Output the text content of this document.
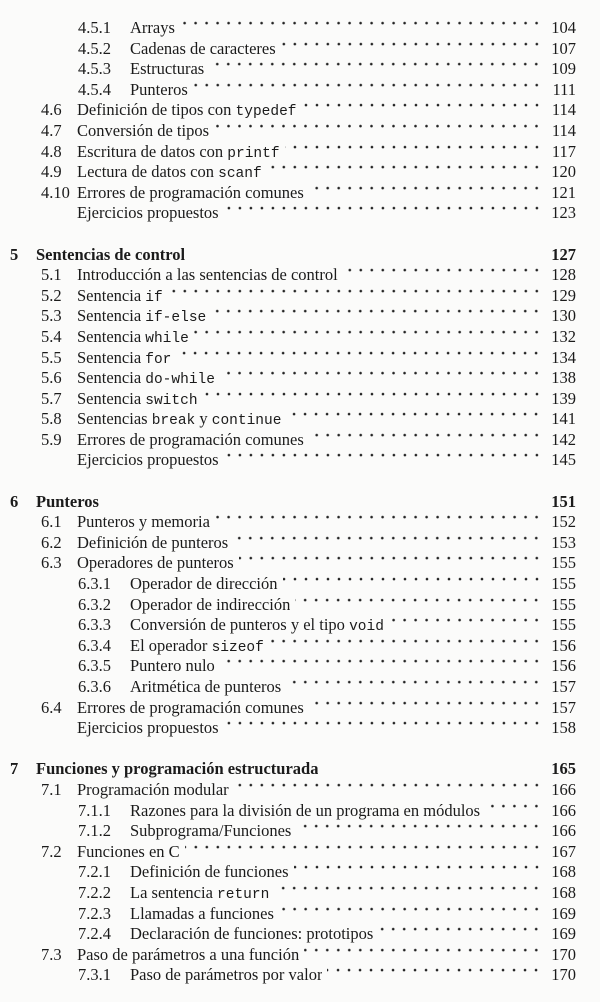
4.5.1	Arrays	104
4.5.2	Cadenas de caracteres	107
4.5.3	Estructuras	109
4.5.4	Punteros	111
4.6 Definición de tipos con typedef	114
4.7 Conversión de tipos	114
4.8 Escritura de datos con printf	117
4.9 Lectura de datos con scanf	120
4.10 Errores de programación comunes	121
Ejercicios propuestos	123
5	Sentencias de control	127
5.1 Introducción a las sentencias de control	128
5.2 Sentencia if	129
5.3 Sentencia if-else	130
5.4 Sentencia while	132
5.5 Sentencia for	134
5.6 Sentencia do-while	138
5.7 Sentencia switch	139
5.8 Sentencias break y continue	141
5.9 Errores de programación comunes	142
Ejercicios propuestos	145
6	Punteros	151
6.1 Punteros y memoria	152
6.2 Definición de punteros	153
6.3 Operadores de punteros	155
6.3.1	Operador de dirección	155
6.3.2	Operador de indirección	155
6.3.3	Conversión de punteros y el tipo void	155
6.3.4	El operador sizeof	156
6.3.5	Puntero nulo	156
6.3.6	Aritmética de punteros	157
6.4 Errores de programación comunes	157
Ejercicios propuestos	158
7	Funciones y programación estructurada	165
7.1 Programación modular	166
7.1.1	Razones para la división de un programa en módulos	166
7.1.2	Subprograma/Funciones	166
7.2 Funciones en C	167
7.2.1	Definición de funciones	168
7.2.2	La sentencia return	168
7.2.3	Llamadas a funciones	169
7.2.4	Declaración de funciones: prototipos	169
7.3 Paso de parámetros a una función	170
7.3.1	Paso de parámetros por valor	170
